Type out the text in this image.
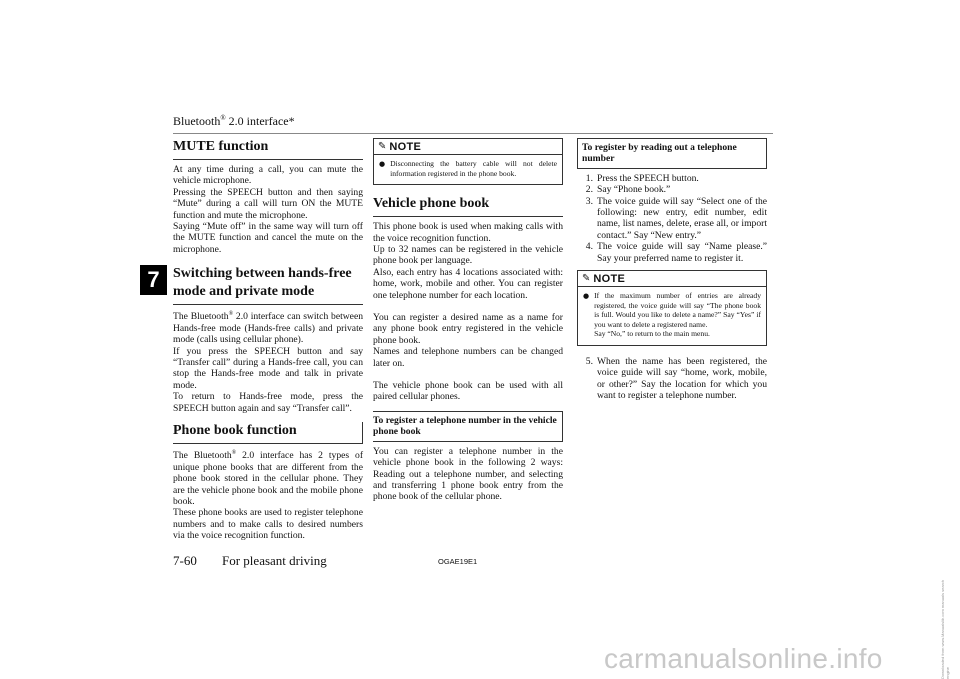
Bluetooth® 2.0 interface*
7
MUTE function

At any time during a call, you can mute the vehicle microphone.

Pressing the SPEECH button and then saying “Mute” during a call will turn ON the MUTE function and mute the microphone.

Saying “Mute off” in the same way will turn off the MUTE function and cancel the mute on the microphone.

Switching between hands-free mode and private mode

The Bluetooth® 2.0 interface can switch between Hands-free mode (Hands-free calls) and private mode (calls using cellular phone).

If you press the SPEECH button and say “Transfer call” during a Hands-free call, you can stop the Hands-free mode and talk in private mode.

To return to Hands-free mode, press the SPEECH button again and say “Transfer call”.

Phone book function

The Bluetooth® 2.0 interface has 2 types of unique phone books that are different from the phone book stored in the cellular phone. They are the vehicle phone book and the mobile phone book.

These phone books are used to register telephone numbers and to make calls to desired numbers via the voice recognition function.

✎ NOTE
● Disconnecting the battery cable will not delete information registered in the phone book.
Vehicle phone book

This phone book is used when making calls with the voice recognition function.

Up to 32 names can be registered in the vehicle phone book per language.

Also, each entry has 4 locations associated with: home, work, mobile and other. You can register one telephone number for each location.

You can register a desired name as a name for any phone book entry registered in the vehicle phone book.

Names and telephone numbers can be changed later on.

The vehicle phone book can be used with all paired cellular phones.

To register a telephone number in the vehicle phone book

You can register a telephone number in the vehicle phone book in the following 2 ways: Reading out a telephone number, and selecting and transferring 1 phone book entry from the phone book of the cellular phone.

To register by reading out a telephone number
1. Press the SPEECH button.
2. Say “Phone book.”
3. The voice guide will say “Select one of the following: new entry, edit number, edit name, list names, delete, erase all, or import contact.” Say “New entry.”
4. The voice guide will say “Name please.” Say your preferred name to register it.
✎ NOTE
● If the maximum number of entries are already registered, the voice guide will say “The phone book is full. Would you like to delete a name?” Say “Yes” if you want to delete a registered name.
Say “No,” to return to the main menu.
5. When the name has been registered, the voice guide will say “home, work, mobile, or other?” Say the location for which you want to register a telephone number.
7-60 For pleasant driving	OGAE19E1
carmanualsonline.info	Downloaded from www.Manualslib.com manuals search engine
